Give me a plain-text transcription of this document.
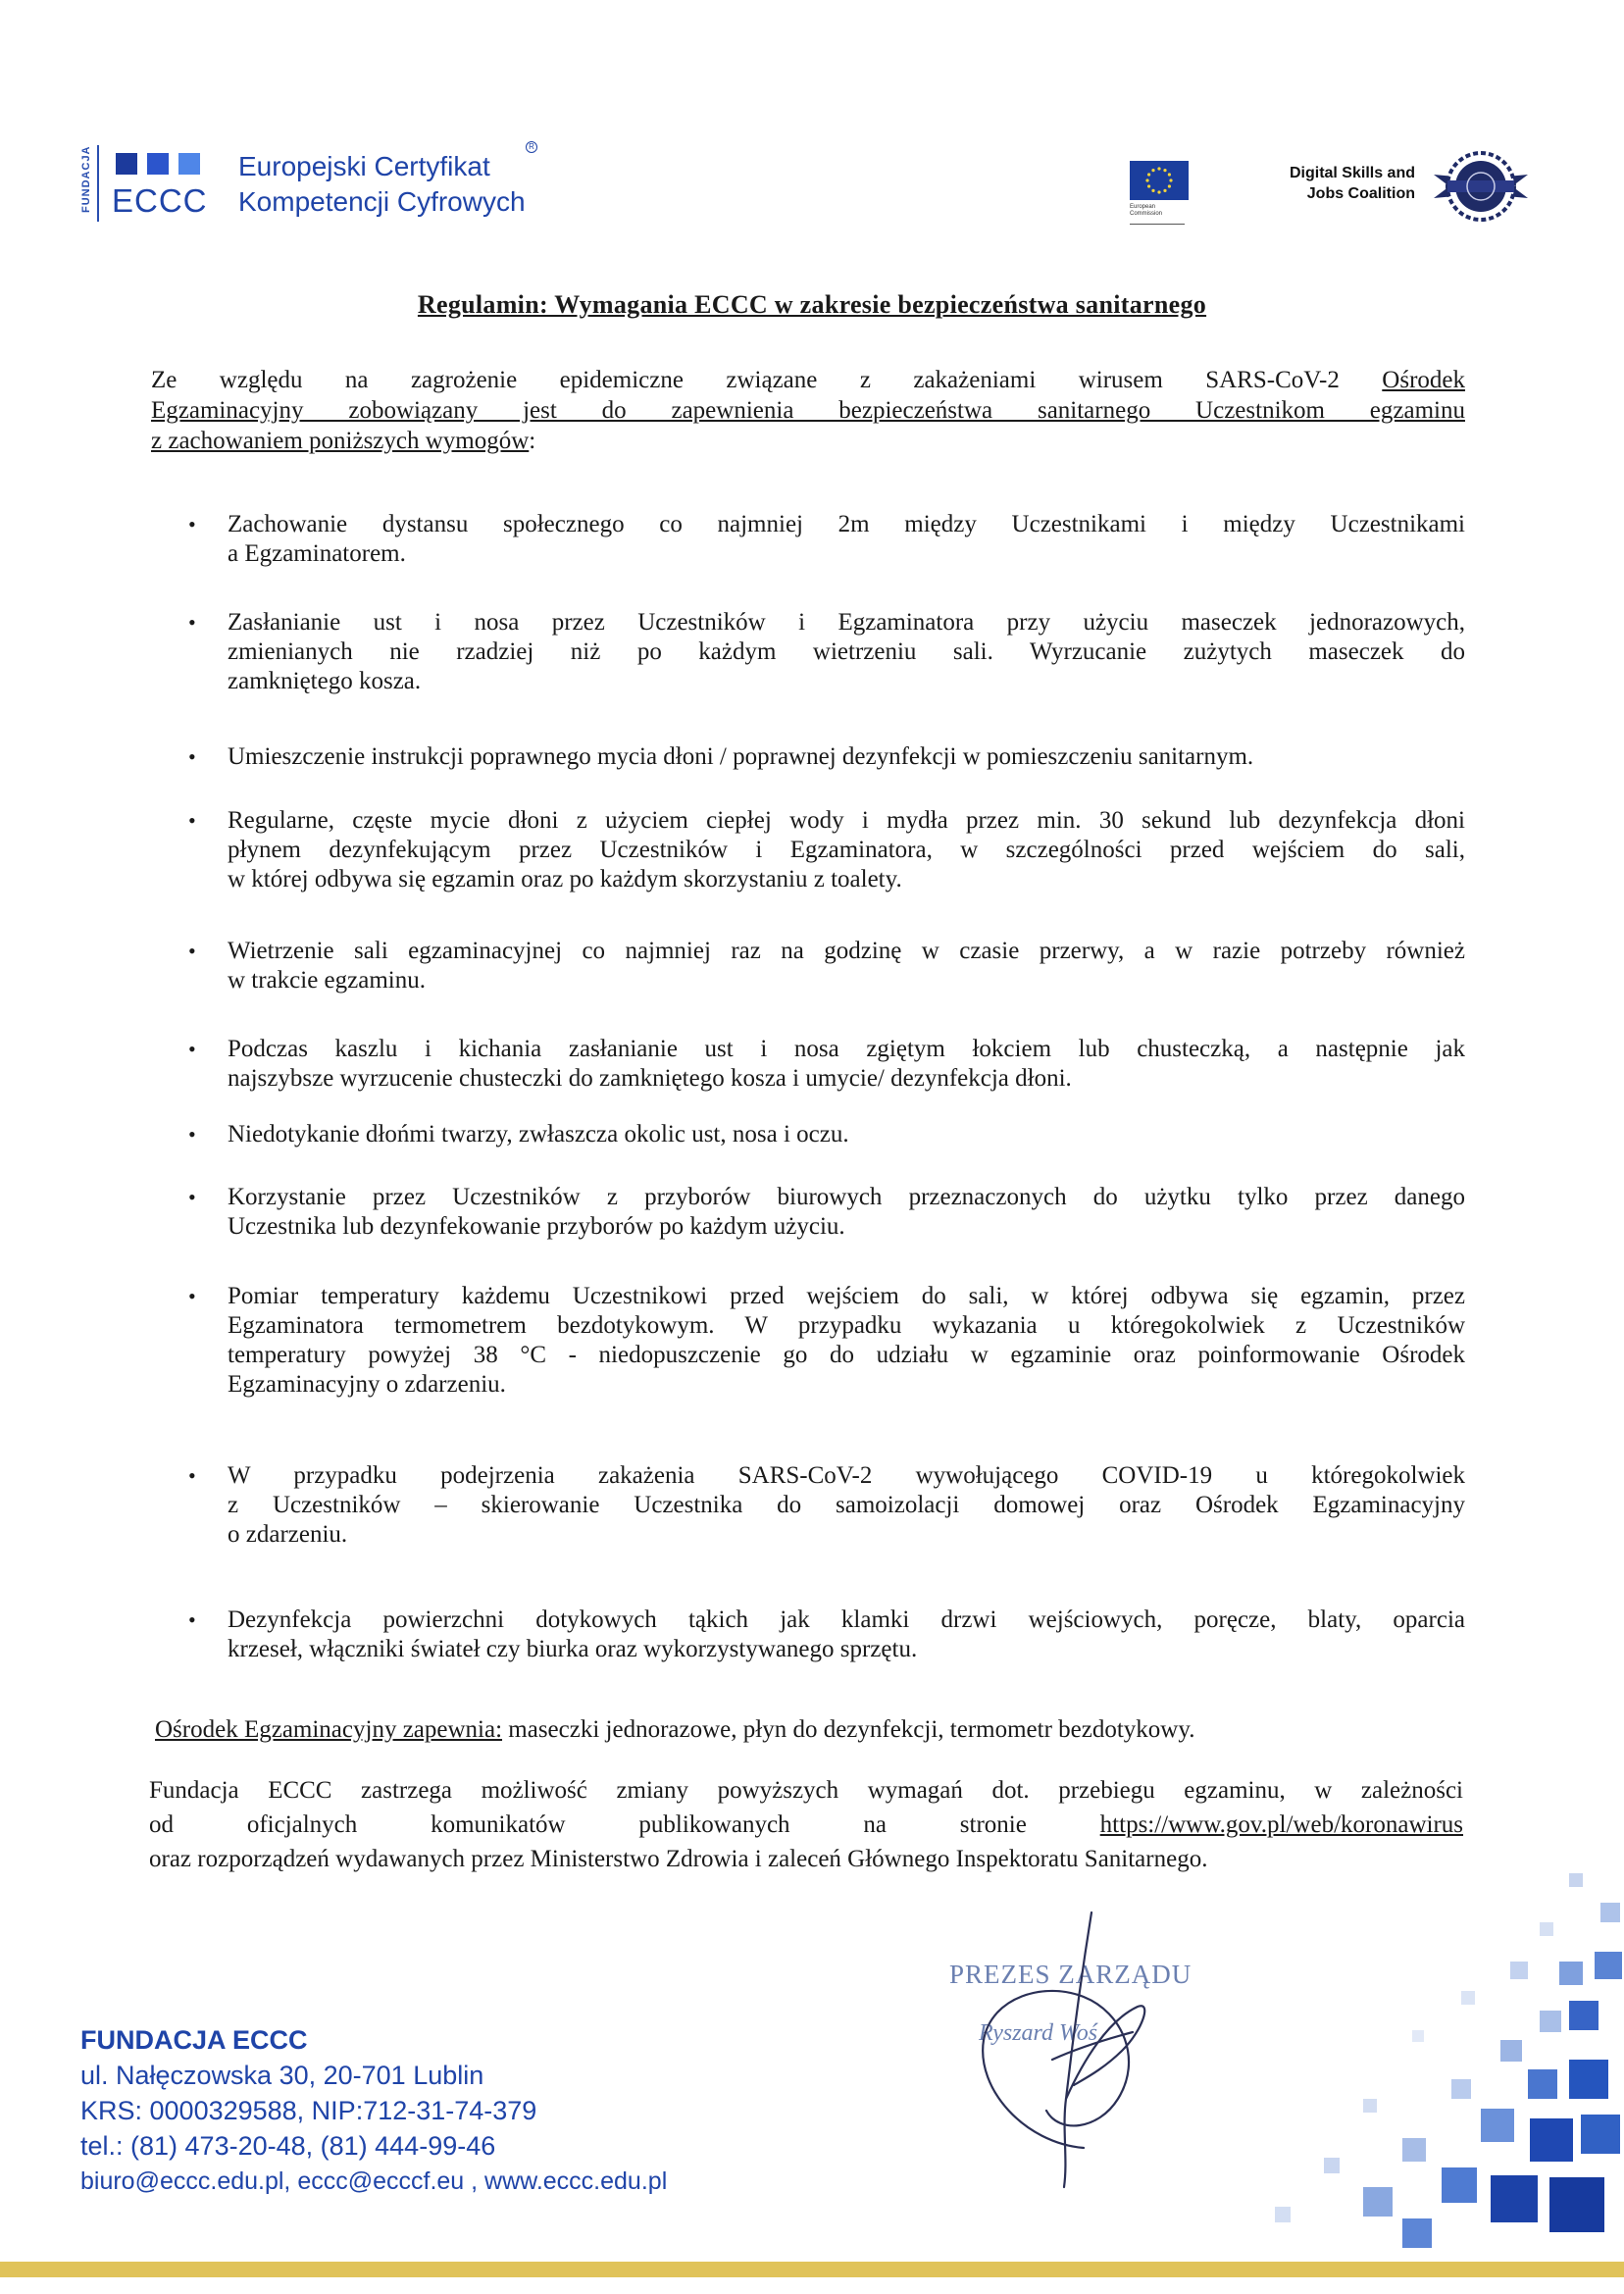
FUNDACJA ECCC
Europejski Certyfikat
Kompetencji Cyfrowych
R
European Commission
Digital Skills and
Jobs Coalition
Regulamin: Wymagania ECCC w zakresie bezpieczeństwa sanitarnego
Ze względu na zagrożenie epidemiczne związane z zakażeniami wirusem SARS-CoV-2 Ośrodek
Egzaminacyjny zobowiązany jest do zapewnienia bezpieczeństwa sanitarnego Uczestnikom egzaminu
z zachowaniem poniższych wymogów:
• Zachowanie dystansu społecznego co najmniej 2m między Uczestnikami i między Uczestnikami
a Egzaminatorem.
• Zasłanianie ust i nosa przez Uczestników i Egzaminatora przy użyciu maseczek jednorazowych,
zmienianych nie rzadziej niż po każdym wietrzeniu sali. Wyrzucanie zużytych maseczek do
zamkniętego kosza.
• Umieszczenie instrukcji poprawnego mycia dłoni / poprawnej dezynfekcji w pomieszczeniu sanitarnym.
• Regularne, częste mycie dłoni z użyciem ciepłej wody i mydła przez min. 30 sekund lub dezynfekcja dłoni
płynem dezynfekującym przez Uczestników i Egzaminatora, w szczególności przed wejściem do sali,
w której odbywa się egzamin oraz po każdym skorzystaniu z toalety.
• Wietrzenie sali egzaminacyjnej co najmniej raz na godzinę w czasie przerwy, a w razie potrzeby również
w trakcie egzaminu.
• Podczas kaszlu i kichania zasłanianie ust i nosa zgiętym łokciem lub chusteczką, a następnie jak
najszybsze wyrzucenie chusteczki do zamkniętego kosza i umycie/ dezynfekcja dłoni.
• Niedotykanie dłońmi twarzy, zwłaszcza okolic ust, nosa i oczu.
• Korzystanie przez Uczestników z przyborów biurowych przeznaczonych do użytku tylko przez danego
Uczestnika lub dezynfekowanie przyborów po każdym użyciu.
• Pomiar temperatury każdemu Uczestnikowi przed wejściem do sali, w której odbywa się egzamin, przez
Egzaminatora termometrem bezdotykowym. W przypadku wykazania u któregokolwiek z Uczestników
temperatury powyżej 38 °C - niedopuszczenie go do udziału w egzaminie oraz poinformowanie Ośrodek
Egzaminacyjny o zdarzeniu.
• W przypadku podejrzenia zakażenia SARS-CoV-2 wywołującego COVID-19 u któregokolwiek
z Uczestników – skierowanie Uczestnika do samoizolacji domowej oraz Ośrodek Egzaminacyjny
o zdarzeniu.
• Dezynfekcja powierzchni dotykowych tąkich jak klamki drzwi wejściowych, poręcze, blaty, oparcia
krzeseł, włączniki świateł czy biurka oraz wykorzystywanego sprzętu.
Ośrodek Egzaminacyjny zapewnia: maseczki jednorazowe, płyn do dezynfekcji, termometr bezdotykowy.
Fundacja ECCC zastrzega możliwość zmiany powyższych wymagań dot. przebiegu egzaminu, w zależności
od oficjalnych komunikatów publikowanych na stronie	https://www.gov.pl/web/koronawirus
oraz rozporządzeń wydawanych przez Ministerstwo Zdrowia i zaleceń Głównego Inspektoratu Sanitarnego.
PREZES ZARZĄDU
Ryszard Woś
FUNDACJA ECCC
ul. Nałęczowska 30, 20-701 Lublin
KRS: 0000329588, NIP:712-31-74-379
tel.: (81) 473-20-48, (81) 444-99-46
biuro@eccc.edu.pl, eccc@ecccf.eu , www.eccc.edu.pl
